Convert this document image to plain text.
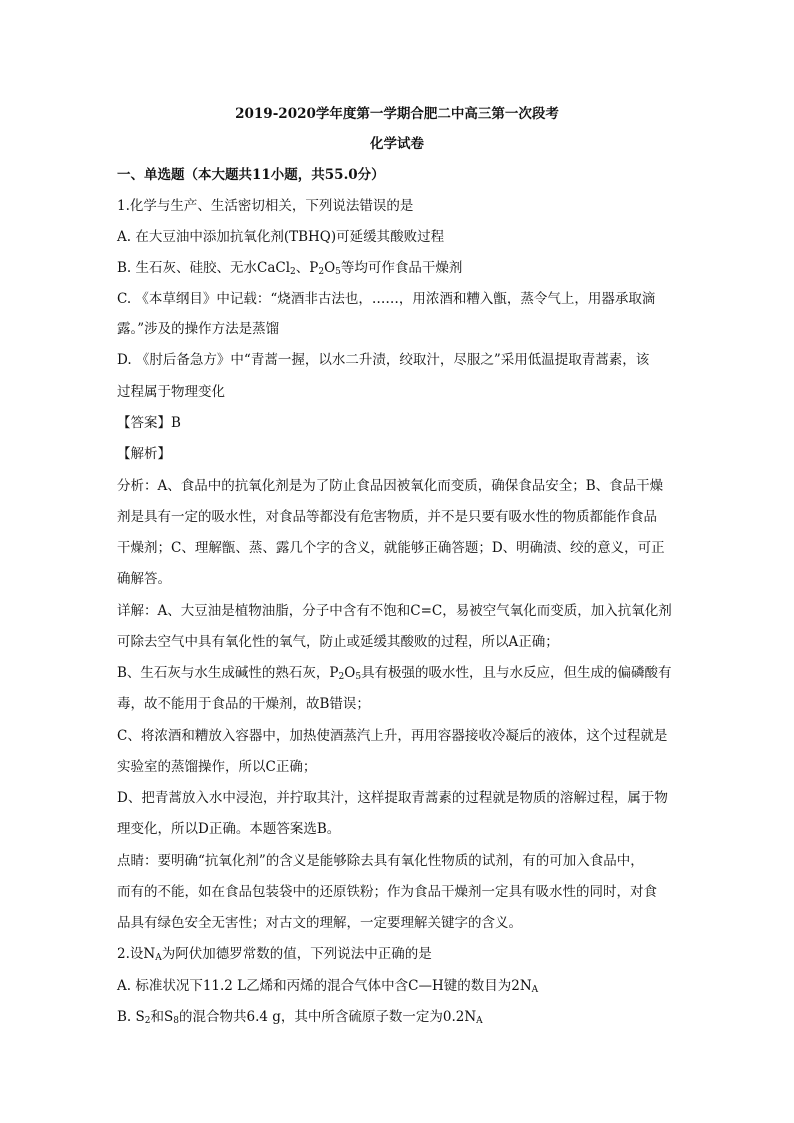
2019-2020学年度第一学期合肥二中高三第一次段考
化学试卷
一、单选题（本大题共11小题，共55.0分）
1.化学与生产、生活密切相关，下列说法错误的是
A. 在大豆油中添加抗氧化剂(TBHQ)可延缓其酸败过程
B. 生石灰、硅胶、无水CaCl$_2$、$P_2O_5$等均可作食品干燥剂
C. 《本草纲目》中记载：“烧酒非古法也，……，用浓酒和糟入甑，蒸令气上，用器承取滴
露。”涉及的操作方法是蒸馏
D. 《肘后备急方》中“青蒿一握，以水二升渍，绞取汁，尽服之”采用低温提取青蒿素，该
过程属于物理变化
【答案】B
【解析】
分析：A、食品中的抗氧化剂是为了防止食品因被氧化而变质，确保食品安全；B、食品干燥
剂是具有一定的吸水性，对食品等都没有危害物质，并不是只要有吸水性的物质都能作食品
干燥剂；C、理解甑、蒸、露几个字的含义，就能够正确答题；D、明确渍、绞的意义，可正
确解答。
详解：A、大豆油是植物油脂，分子中含有不饱和C=C，易被空气氧化而变质，加入抗氧化剂
可除去空气中具有氧化性的氧气，防止或延缓其酸败的过程，所以A正确；
B、生石灰与水生成碱性的熟石灰，$P_2O_5$具有极强的吸水性，且与水反应，但生成的偏磷酸有
毒，故不能用于食品的干燥剂，故B错误；
C、将浓酒和糟放入容器中，加热使酒蒸汽上升，再用容器接收冷凝后的液体，这个过程就是
实验室的蒸馏操作，所以C正确；
D、把青蒿放入水中浸泡，并拧取其汁，这样提取青蒿素的过程就是物质的溶解过程，属于物
理变化，所以D正确。本题答案选B。
点睛：要明确“抗氧化剂”的含义是能够除去具有氧化性物质的试剂，有的可加入食品中，
而有的不能，如在食品包装袋中的还原铁粉；作为食品干燥剂一定具有吸水性的同时，对食
品具有绿色安全无害性；对古文的理解，一定要理解关键字的含义。
2.设$N_A$为阿伏加德罗常数的值，下列说法中正确的是
A. 标准状况下11.2 L乙烯和丙烯的混合气体中含C—H键的数目为$2N_A$
B. $S_2$和$S_8$的混合物共6.4 g，其中所含硫原子数一定为$0.2N_A$
